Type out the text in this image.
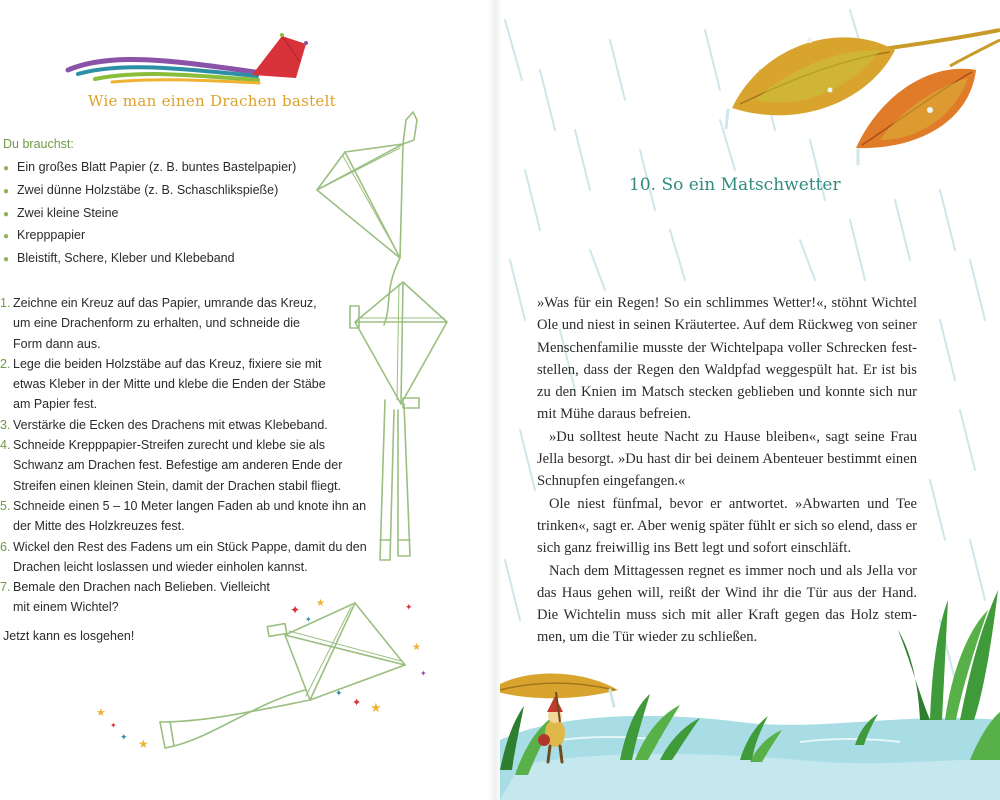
Wie man einen Drachen bastelt
Du brauchst:
● Ein großes Blatt Papier (z. B. buntes Bastelpapier)
● Zwei dünne Holzstäbe (z. B. Schaschlikspieße)
● Zwei kleine Steine
● Krepppapier
● Bleistift, Schere, Kleber und Klebeband
1. Zeichne ein Kreuz auf das Papier, umrande das Kreuz,
um eine Drachenform zu erhalten, und schneide die
Form dann aus.
2. Lege die beiden Holzstäbe auf das Kreuz, fixiere sie mit
etwas Kleber in der Mitte und klebe die Enden der Stäbe
am Papier fest.
3. Verstärke die Ecken des Drachens mit etwas Klebeband.
4. Schneide Krepppapier-Streifen zurecht und klebe sie als
Schwanz am Drachen fest. Befestige am anderen Ende der
Streifen einen kleinen Stein, damit der Drachen stabil fliegt.
5. Schneide einen 5 – 10 Meter langen Faden ab und knote ihn an
der Mitte des Holzkreuzes fest.
6. Wickel den Rest des Fadens um ein Stück Pappe, damit du den
Drachen leicht loslassen und wieder einholen kannst.
7. Bemale den Drachen nach Belieben. Vielleicht
mit einem Wichtel?
Jetzt kann es losgehen!
✦
✦
★	✦
★
✦
✦ ★
✦
★
✦
✦ ★
10. So ein Matschwetter

»Was für ein Regen! So ein schlimmes Wetter!«, stöhnt Wichtel
Ole und niest in seinen Kräutertee. Auf dem Rückweg von seiner
Menschenfamilie musste der Wichtelpapa voller Schrecken fest-
stellen, dass der Regen den Waldpfad weggespült hat. Er ist bis
zu den Knien im Matsch stecken geblieben und konnte sich nur
mit Mühe daraus befreien.

»Du solltest heute Nacht zu Hause bleiben«, sagt seine Frau
Jella besorgt. »Du hast dir bei deinem Abenteuer bestimmt einen
Schnupfen eingefangen.«

Ole niest fünfmal, bevor er antwortet. »Abwarten und Tee
trinken«, sagt er. Aber wenig später fühlt er sich so elend, dass er
sich ganz freiwillig ins Bett legt und sofort einschläft.

Nach dem Mittagessen regnet es immer noch und als Jella vor
das Haus gehen will, reißt der Wind ihr die Tür aus der Hand.
Die Wichtelin muss sich mit aller Kraft gegen das Holz stem-
men, um die Tür wieder zu schließen.
